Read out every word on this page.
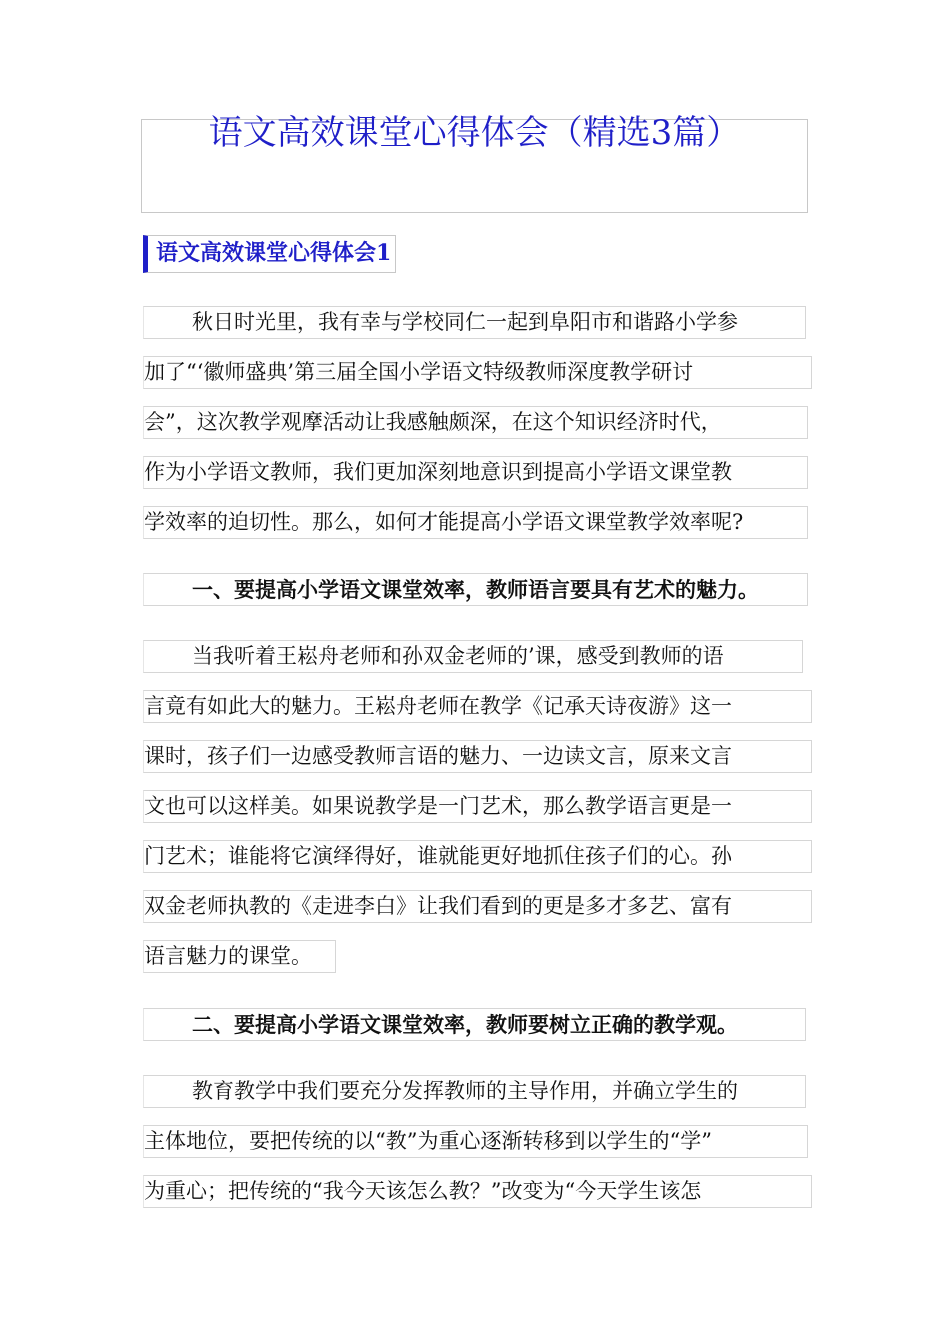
语文高效课堂心得体会（精选3篇）
语文高效课堂心得体会1
秋日时光里，我有幸与学校同仁一起到阜阳市和谐路小学参
加了“‘徽师盛典’第三届全国小学语文特级教师深度教学研讨
会”，这次教学观摩活动让我感触颇深，在这个知识经济时代，
作为小学语文教师，我们更加深刻地意识到提高小学语文课堂教
学效率的迫切性。那么，如何才能提高小学语文课堂教学效率呢?
一、要提高小学语文课堂效率，教师语言要具有艺术的魅力。
当我听着王崧舟老师和孙双金老师的’课，感受到教师的语
言竟有如此大的魅力。王崧舟老师在教学《记承天诗夜游》这一
课时，孩子们一边感受教师言语的魅力、一边读文言，原来文言
文也可以这样美。如果说教学是一门艺术，那么教学语言更是一
门艺术；谁能将它演绎得好，谁就能更好地抓住孩子们的心。孙
双金老师执教的《走进李白》让我们看到的更是多才多艺、富有
语言魅力的课堂。
二、要提高小学语文课堂效率，教师要树立正确的教学观。
教育教学中我们要充分发挥教师的主导作用，并确立学生的
主体地位，要把传统的以“教”为重心逐渐转移到以学生的“学”
为重心；把传统的“我今天该怎么教？”改变为“今天学生该怎
